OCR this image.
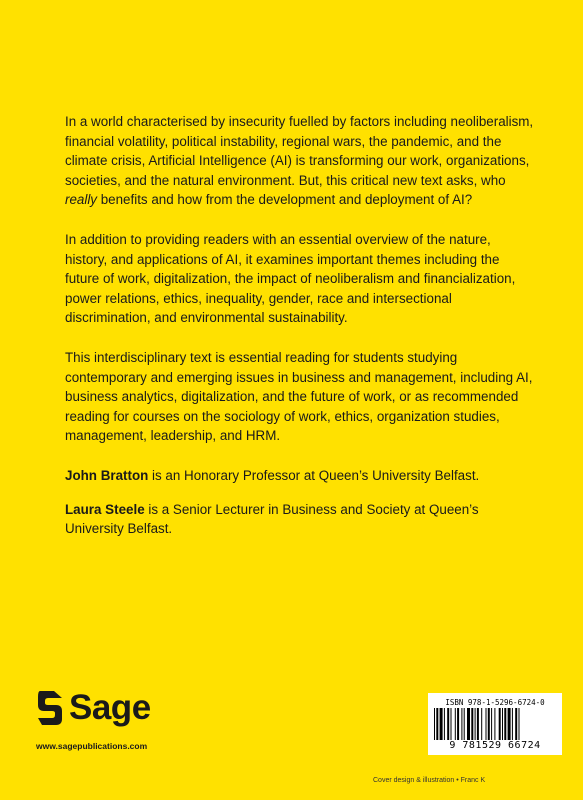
In a world characterised by insecurity fuelled by factors including neoliberalism, financial volatility, political instability, regional wars, the pandemic, and the climate crisis, Artificial Intelligence (AI) is transforming our work, organizations, societies, and the natural environment. But, this critical new text asks, who really benefits and how from the development and deployment of AI?

In addition to providing readers with an essential overview of the nature, history, and applications of AI, it examines important themes including the future of work, digitalization, the impact of neoliberalism and financialization, power relations, ethics, inequality, gender, race and intersectional discrimination, and environmental sustainability.

This interdisciplinary text is essential reading for students studying contemporary and emerging issues in business and management, including AI, business analytics, digitalization, and the future of work, or as recommended reading for courses on the sociology of work, ethics, organization studies, management, leadership, and HRM.

John Bratton is an Honorary Professor at Queen’s University Belfast.

Laura Steele is a Senior Lecturer in Business and Society at Queen’s University Belfast.

Sage
www.sagepublications.com
ISBN 978-1-5296-6724-0
9 781529 66724
Cover design & illustration • Franc K
